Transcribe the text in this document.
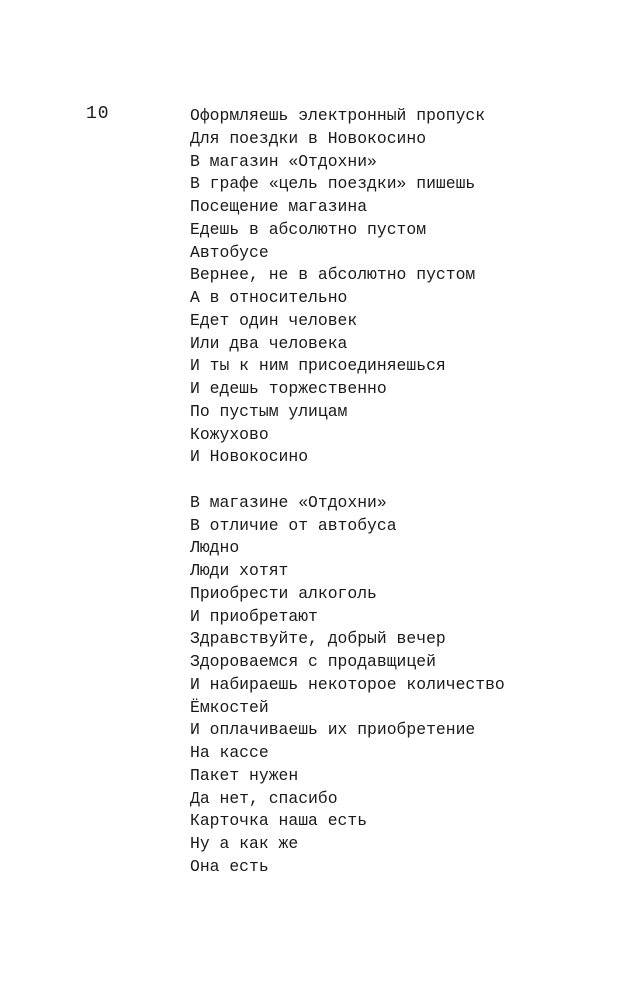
10	Оформляешь электронный пропуск
Для поездки в Новокосино
В магазин «Отдохни»
В графе «цель поездки» пишешь
Посещение магазина
Едешь в абсолютно пустом
Автобусе
Вернее, не в абсолютно пустом
А в относительно
Едет один человек
Или два человека
И ты к ним присоединяешься
И едешь торжественно
По пустым улицам
Кожухово
И Новокосино
В магазине «Отдохни»
В отличие от автобуса
Людно
Люди хотят
Приобрести алкоголь
И приобретают
Здравствуйте, добрый вечер
Здороваемся с продавщицей
И набираешь некоторое количество
Ёмкостей
И оплачиваешь их приобретение
На кассе
Пакет нужен
Да нет, спасибо
Карточка наша есть
Ну а как же
Она есть
